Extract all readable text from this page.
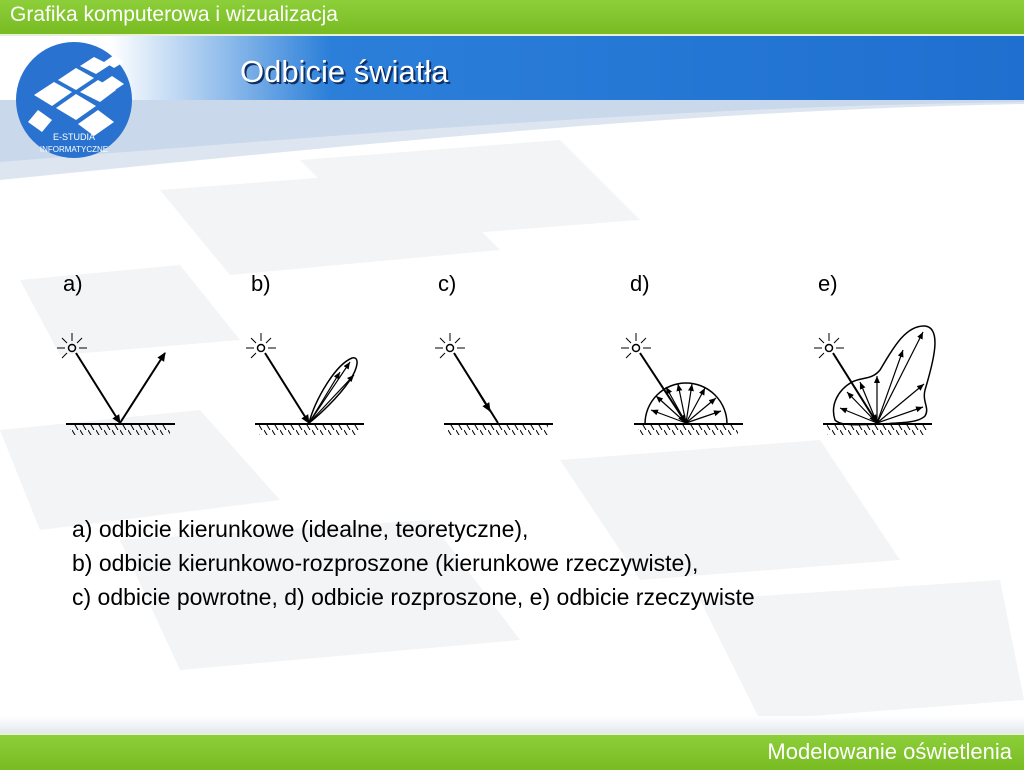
Grafika komputerowa i wizualizacja
Odbicie światła
E-STUDIA
INFORMATYCZNE
a)	b)	c)	d)	e)
a) odbicie kierunkowe (idealne, teoretyczne),
b) odbicie kierunkowo-rozproszone (kierunkowe rzeczywiste),
c) odbicie powrotne, d) odbicie rozproszone, e) odbicie rzeczywiste
Modelowanie oświetlenia
